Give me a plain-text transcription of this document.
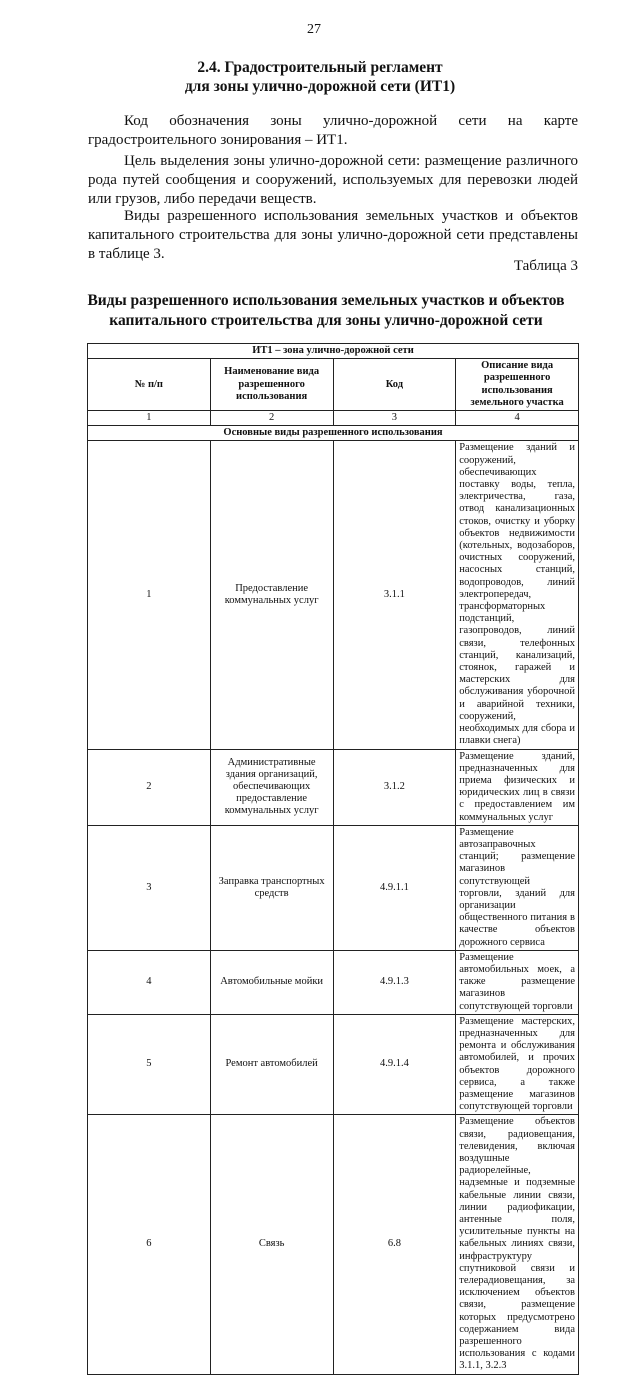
27
2.4. Градостроительный регламент
для зоны улично-дорожной сети (ИТ1)
Код обозначения зоны улично-дорожной сети на карте градостроительного зонирования – ИТ1.
Цель выделения зоны улично-дорожной сети: размещение различного рода путей сообщения и сооружений, используемых для перевозки людей или грузов, либо передачи веществ.
Виды разрешенного использования земельных участков и объектов капитального строительства для зоны улично-дорожной сети представлены в таблице 3.
Таблица 3
Виды разрешенного использования земельных участков и объектов
капитального строительства для зоны улично-дорожной сети
ИТ1 – зона улично-дорожной сети			
№ п/п	Наименование вида разрешенного использования	Код	Описание вида разрешенного использования земельного участка
1	2	3	4
Основные виды разрешенного использования			
1	Предоставление коммунальных услуг	3.1.1	Размещение зданий и сооружений, обеспечивающих поставку воды, тепла, электричества, газа, отвод канализационных стоков, очистку и уборку объектов недвижимости (котельных, водозаборов, очистных сооружений, насосных станций, водопроводов, линий электропередач, трансформаторных подстанций, газопроводов, линий связи, телефонных станций, канализаций, стоянок, гаражей и мастерских для обслуживания уборочной и аварийной техники, сооружений, необходимых для сбора и плавки снега)
2	Административные здания организаций, обеспечивающих предоставление коммунальных услуг	3.1.2	Размещение зданий, предназначенных для приема физических и юридических лиц в связи с предоставлением им коммунальных услуг
3	Заправка транспортных средств	4.9.1.1	Размещение автозаправочных станций; размещение магазинов сопутствующей торговли, зданий для организации общественного питания в качестве объектов дорожного сервиса
4	Автомобильные мойки	4.9.1.3	Размещение автомобильных моек, а также размещение магазинов сопутствующей торговли
5	Ремонт автомобилей	4.9.1.4	Размещение мастерских, предназначенных для ремонта и обслуживания автомобилей, и прочих объектов дорожного сервиса, а также размещение магазинов сопутствующей торговли
6	Связь	6.8	Размещение объектов связи, радиовещания, телевидения, включая воздушные радиорелейные, надземные и подземные кабельные линии связи, линии радиофикации, антенные поля, усилительные пункты на кабельных линиях связи, инфраструктуру спутниковой связи и телерадиовещания, за исключением объектов связи, размещение которых предусмотрено содержанием вида разрешенного использования с кодами 3.1.1, 3.2.3
